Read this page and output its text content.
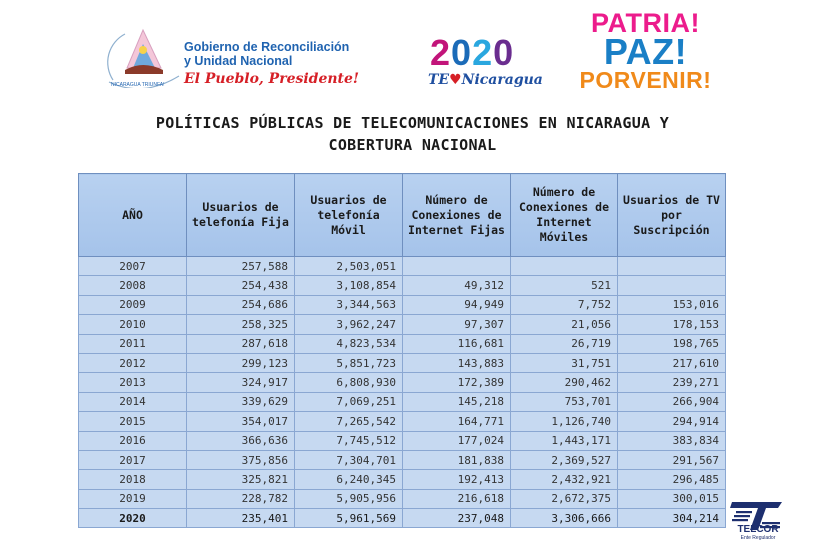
NICARAGUA TRIUNFA!
Gobierno de Reconciliación
y Unidad Nacional
El Pueblo, Presidente!
2020
TE♥Nicaragua
PATRIA!
PAZ!
PORVENIR!
POLÍTICAS PÚBLICAS DE TELECOMUNICACIONES EN NICARAGUA Y
COBERTURA NACIONAL
AÑO	Usuarios de telefonía Fija	Usuarios de telefonía Móvil	Número de Conexiones de Internet Fijas	Número de Conexiones de Internet Móviles	Usuarios de TV por Suscripción
2007	257,588	2,503,051			
2008	254,438	3,108,854	49,312	521	
2009	254,686	3,344,563	94,949	7,752	153,016
2010	258,325	3,962,247	97,307	21,056	178,153
2011	287,618	4,823,534	116,681	26,719	198,765
2012	299,123	5,851,723	143,883	31,751	217,610
2013	324,917	6,808,930	172,389	290,462	239,271
2014	339,629	7,069,251	145,218	753,701	266,904
2015	354,017	7,265,542	164,771	1,126,740	294,914
2016	366,636	7,745,512	177,024	1,443,171	383,834
2017	375,856	7,304,701	181,838	2,369,527	291,567
2018	325,821	6,240,345	192,413	2,432,921	296,485
2019	228,782	5,905,956	216,618	2,672,375	300,015
2020	235,401	5,961,569	237,048	3,306,666	304,214
TELCOR
Ente Regulador
